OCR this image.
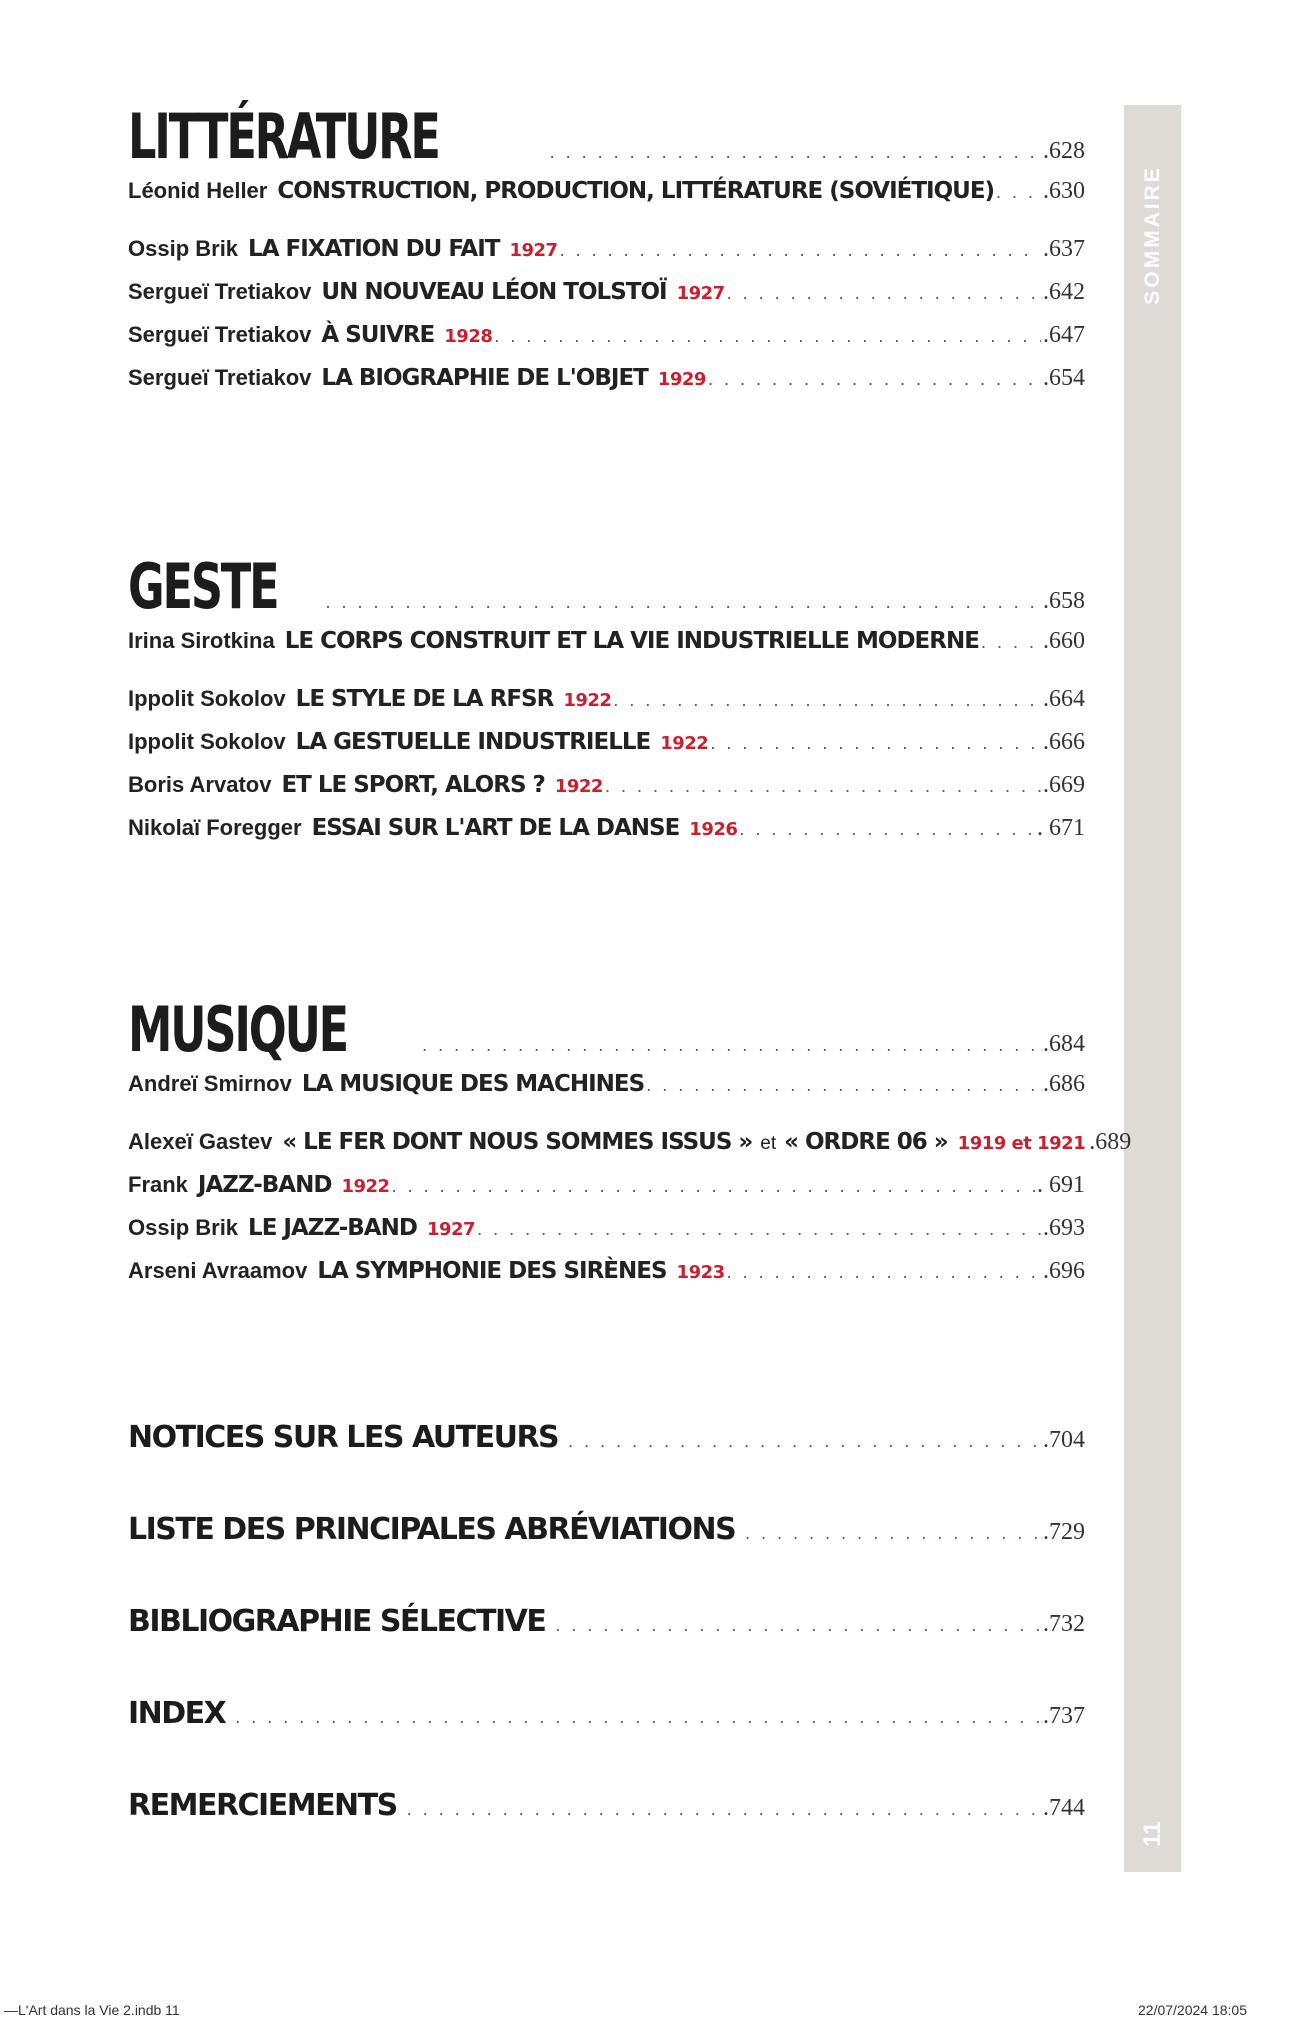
SOMMAIRE
11
LITTÉRATURE . . .	.628
Léonid Heller CONSTRUCTION, PRODUCTION, LITTÉRATURE (SOVIÉTIQUE) . . . .630
Ossip Brik LA FIXATION DU FAIT 1927 . . .	.637
Sergueï Tretiakov UN NOUVEAU LÉON TOLSTOÏ 1927 . . .	.642
Sergueï Tretiakov À SUIVRE 1928 . . .	.647
Sergueï Tretiakov LA BIOGRAPHIE DE L'OBJET 1929 . . .	.654
GESTE . . .	.658
Irina Sirotkina LE CORPS CONSTRUIT ET LA VIE INDUSTRIELLE MODERNE . . .	.660
Ippolit Sokolov LE STYLE DE LA RFSR 1922 . . .	.664
Ippolit Sokolov LA GESTUELLE INDUSTRIELLE 1922 . . .	.666
Boris Arvatov ET LE SPORT, ALORS ? 1922 . . .	.669
Nikolaï Foregger ESSAI SUR L'ART DE LA DANSE 1926 . . .	. 671
MUSIQUE . . .	.684
Andreï Smirnov LA MUSIQUE DES MACHINES . . .	.686
Alexeï Gastev « LE FER DONT NOUS SOMMES ISSUS » et « ORDRE 06 » 1919 et 1921 .689
Frank JAZZ-BAND 1922 . . .	. 691
Ossip Brik LE JAZZ-BAND 1927 . . .	.693
Arseni Avraamov LA SYMPHONIE DES SIRÈNES 1923 . . .	.696
NOTICES SUR LES AUTEURS . . .	.704
LISTE DES PRINCIPALES ABRÉVIATIONS . . .	.729
BIBLIOGRAPHIE SÉLECTIVE . . .	.732
INDEX . . .	.737
REMERCIEMENTS . . .	.744
—L'Art dans la Vie 2.indb 11	22/07/2024 18:05
